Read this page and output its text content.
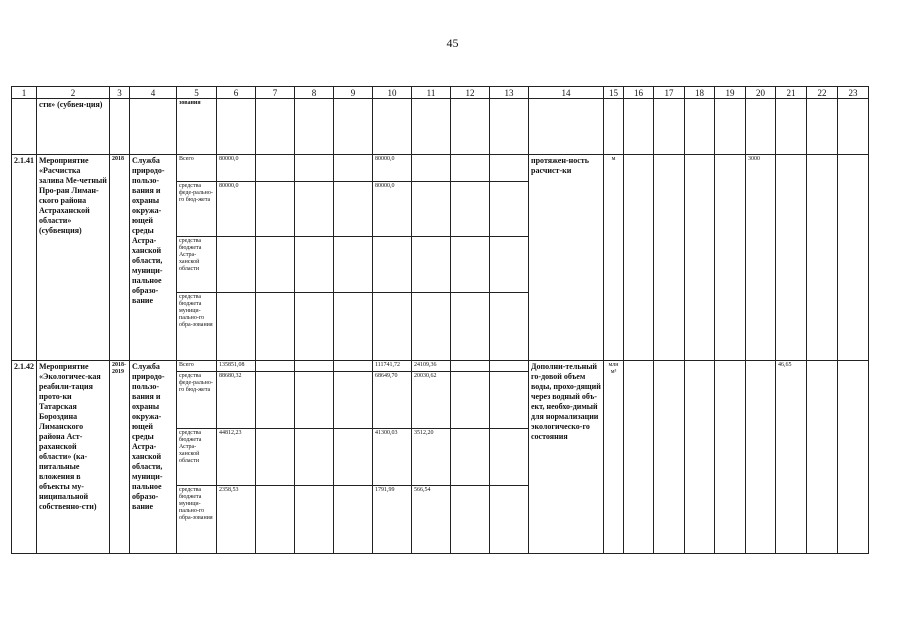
45
1	2	3	4	5	6	7	8	9	10	11	12	13	14	15	16	17	18	19	20	21	22	23
	сти» (субвен-ция)			зования																		
2.1.41	Мероприятие «Расчистка залива Ме-четный Про-ран Лиман-ского района Астраханской области» (субвенция)	2018	Служба природо-пользо-вания и охраны окружа-ющей среды Астра-ханской области, муници-пальное образо-вание	Всего	80000,0				80000,0				протяжен-ность расчист-ки	м					3000			
				средства феде-рально-го бюд-жета	80000,0				80000,0													
				средства бюджета Астра-ханской области																		
				средства бюджета муници-пально-го обра-зования																		
2.1.42	Мероприятие «Экологичес-кая реабили-тация прото-ки Татарская Бороздина Лиманского района Аст-раханской области» (ка-питальные вложения в объекты му-ниципальной собственно-сти)	2018-2019	Служба природо-пользо-вания и охраны окружа-ющей среды Астра-ханской области, муници-пальное образо-вание	Всего	135851,08				111741,72	24109,36			Дополни-тельный го-довой объем воды, прохо-дящий через водный объ-ект, необхо-димый для нормализации экологическо-го состояния	млн м³						46,65		
				средства феде-рально-го бюд-жета	88680,32				68649,70	20030,62												
				средства бюджета Астра-ханской области	44812,23				41300,03	3512,20												
				средства бюджета муници-пально-го обра-зования	2358,53				1791,99	566,54												
